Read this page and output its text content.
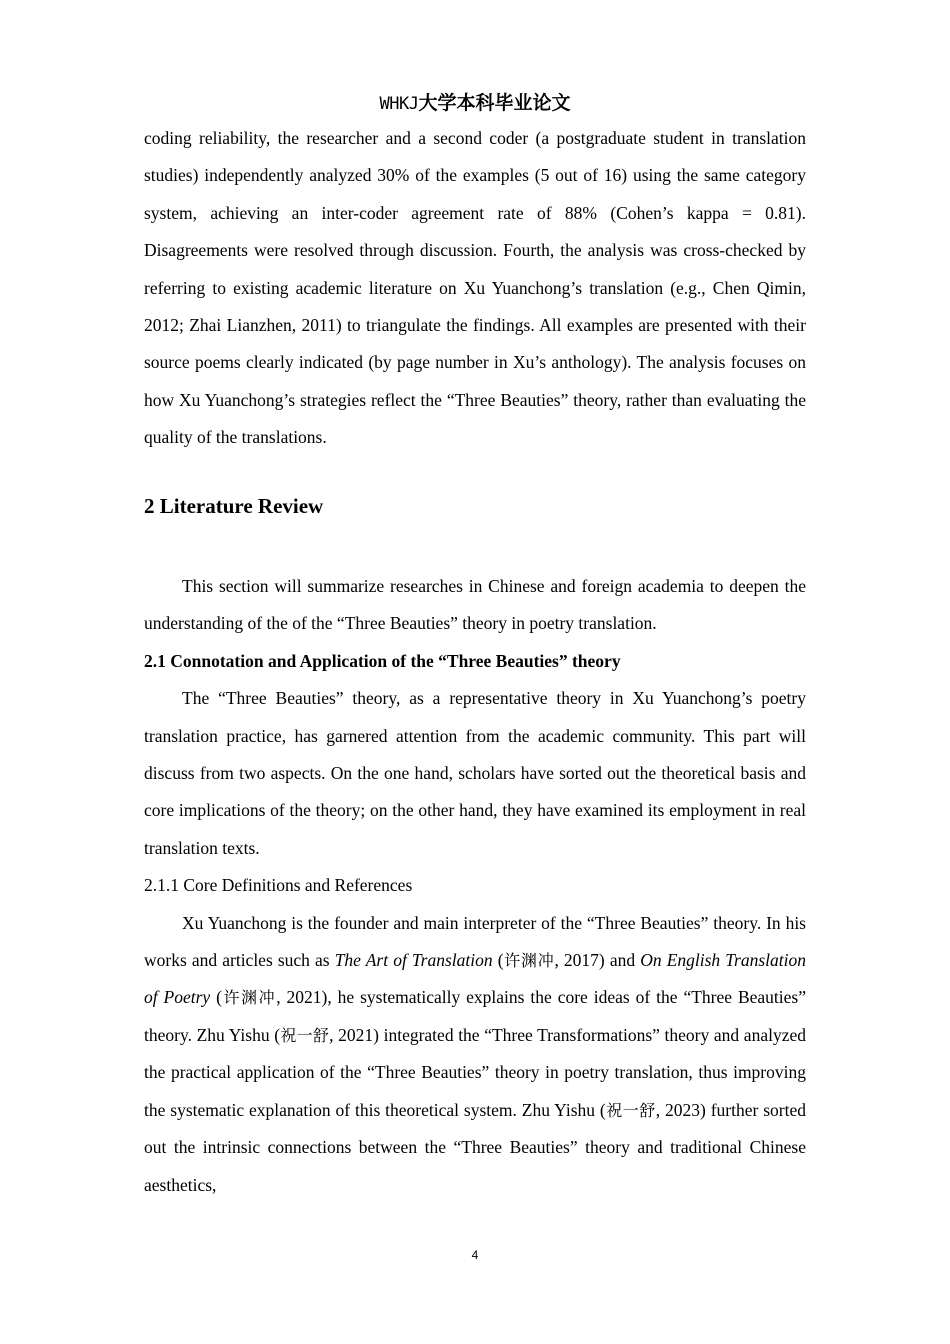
WHKJ大学本科毕业论文

coding reliability, the researcher and a second coder (a postgraduate student in translation studies) independently analyzed 30% of the examples (5 out of 16) using the same category system, achieving an inter-coder agreement rate of 88% (Cohen’s kappa = 0.81). Disagreements were resolved through discussion. Fourth, the analysis was cross-checked by referring to existing academic literature on Xu Yuanchong’s translation (e.g., Chen Qimin, 2012; Zhai Lianzhen, 2011) to triangulate the findings. All examples are presented with their source poems clearly indicated (by page number in Xu’s anthology). The analysis focuses on how Xu Yuanchong’s strategies reflect the “Three Beauties” theory, rather than evaluating the quality of the translations.

2 Literature Review

This section will summarize researches in Chinese and foreign academia to deepen the understanding of the of the “Three Beauties” theory in poetry translation.

2.1 Connotation and Application of the “Three Beauties” theory

The “Three Beauties” theory, as a representative theory in Xu Yuanchong’s poetry translation practice, has garnered attention from the academic community. This part will discuss from two aspects. On the one hand, scholars have sorted out the theoretical basis and core implications of the theory; on the other hand, they have examined its employment in real translation texts.

2.1.1 Core Definitions and References

Xu Yuanchong is the founder and main interpreter of the “Three Beauties” theory. In his works and articles such as The Art of Translation (许渊冲, 2017) and On English Translation of Poetry (许渊冲, 2021), he systematically explains the core ideas of the “Three Beauties” theory. Zhu Yishu (祝一舒, 2021) integrated the “Three Transformations” theory and analyzed the practical application of the “Three Beauties” theory in poetry translation, thus improving the systematic explanation of this theoretical system. Zhu Yishu (祝一舒, 2023) further sorted out the intrinsic connections between the “Three Beauties” theory and traditional Chinese aesthetics,

4
